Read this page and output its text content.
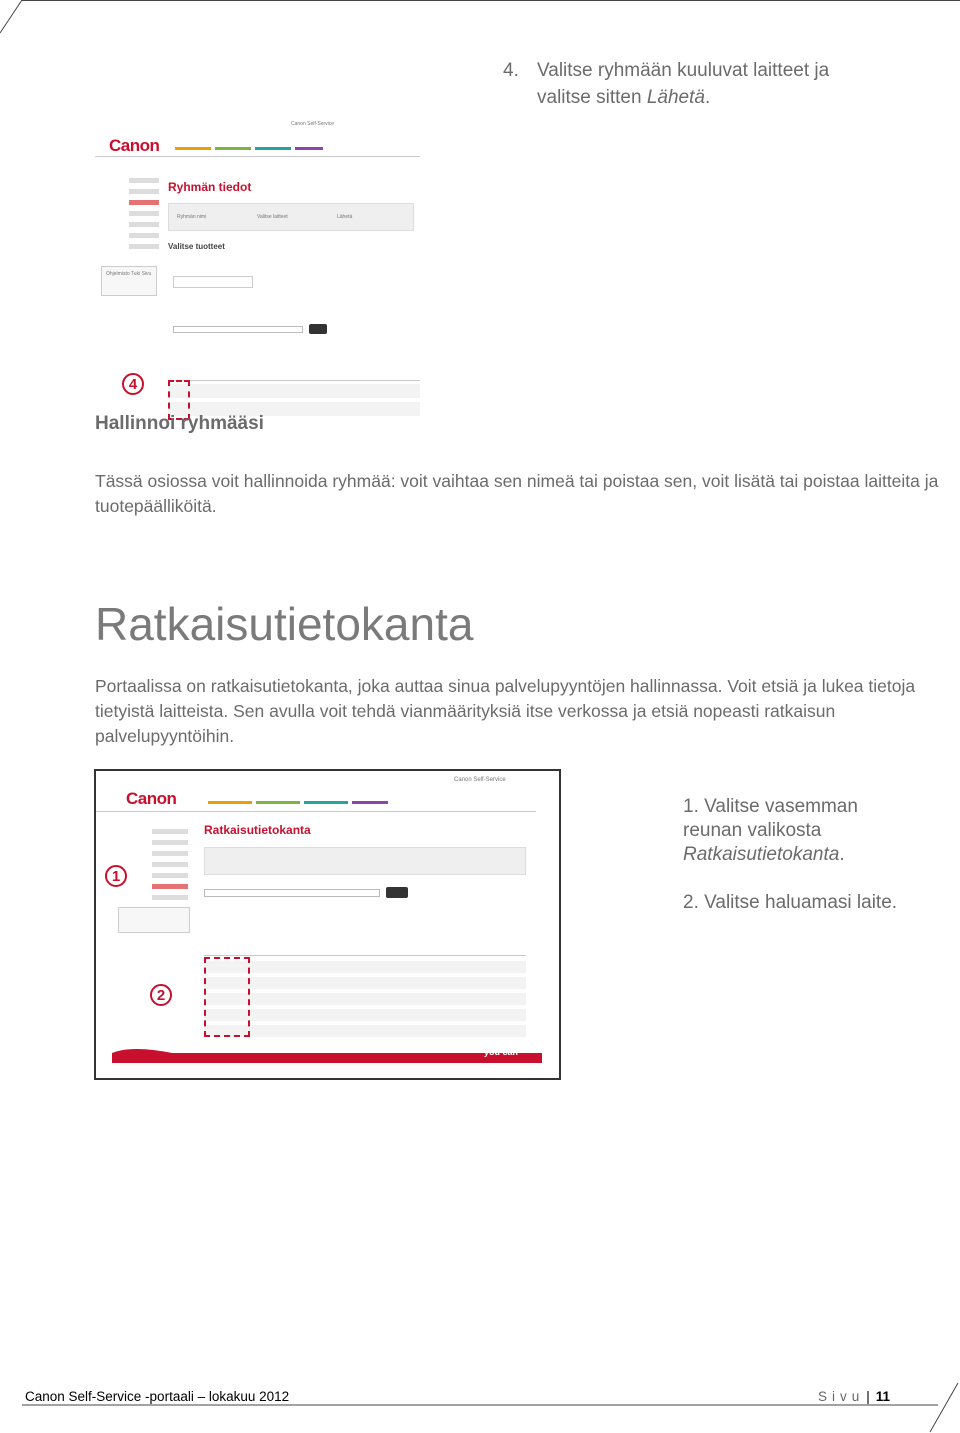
4. Valitse ryhmään kuuluvat laitteet ja
valitse sitten Lähetä.
Canon
Canon Self-Service
Ohjelmisto Tuki Sivu
Ryhmän tiedot
Ryhmän nimi	Valitse laitteet	Lähetä
Valitse tuotteet
4
Hallinnoi ryhmääsi
Tässä osiossa voit hallinnoida ryhmää: voit vaihtaa sen nimeä tai poistaa sen, voit lisätä tai poistaa laitteita ja tuotepäälliköitä.
Ratkaisutietokanta
Portaalissa on ratkaisutietokanta, joka auttaa sinua palvelupyyntöjen hallinnassa. Voit etsiä ja lukea tietoja tietyistä laitteista. Sen avulla voit tehdä vianmäärityksiä itse verkossa ja etsiä nopeasti ratkaisun palvelupyyntöihin.
Canon
Canon Self-Service
Ratkaisutietokanta
you can
1
2

1. Valitse vasemman

reunan valikosta

Ratkaisutietokanta.

2. Valitse haluamasi laite.

Canon Self-Service -portaali – lokakuu 2012	Sivu | 11
